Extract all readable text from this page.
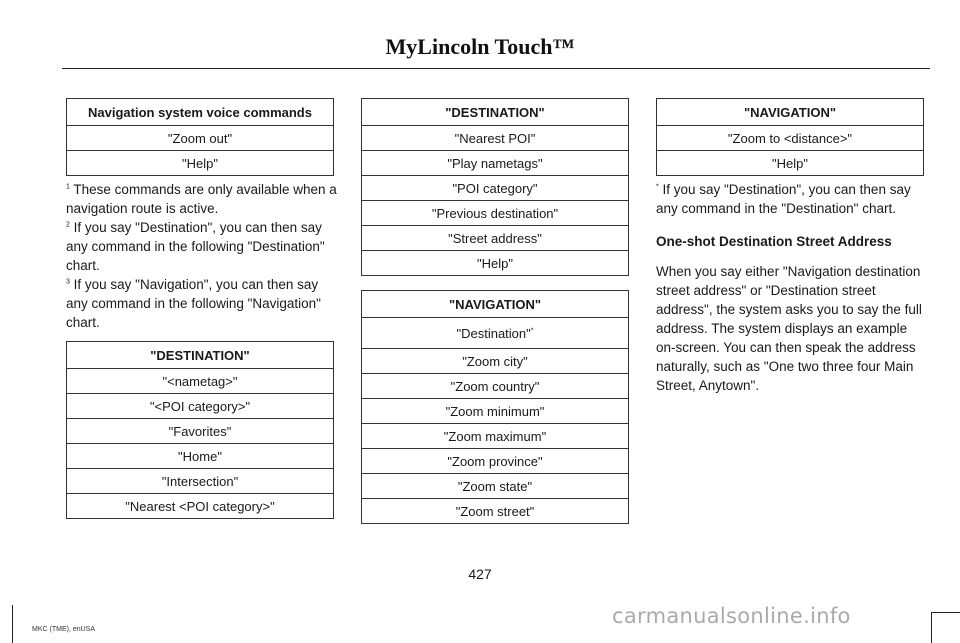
MyLincoln Touch™
Navigation system voice commands
"Zoom out"
"Help"

$^1$ These commands are only available when a navigation route is active.

$^2$ If you say "Destination", you can then say any command in the following "Destination" chart.

$^3$ If you say "Navigation", you can then say any command in the following "Navigation" chart.

"DESTINATION"
"<nametag>"
"<POI category>"
"Favorites"
"Home"
"Intersection"
"Nearest <POI category>"
"DESTINATION"
"Nearest POI"
"Play nametags"
"POI category"
"Previous destination"
"Street address"
"Help"
"NAVIGATION"
"Destination"*
"Zoom city"
"Zoom country"
"Zoom minimum"
"Zoom maximum"
"Zoom province"
"Zoom state"
"Zoom street"
"NAVIGATION"
"Zoom to <distance>"
"Help"

* If you say "Destination", you can then say any command in the "Destination" chart.

One-shot Destination Street Address

When you say either "Navigation destination street address" or "Destination street address", the system asks you to say the full address. The system displays an example on-screen. You can then speak the address naturally, such as "One two three four Main Street, Anytown".

427
MKC (TME), enUSA
carmanualsonline.info
